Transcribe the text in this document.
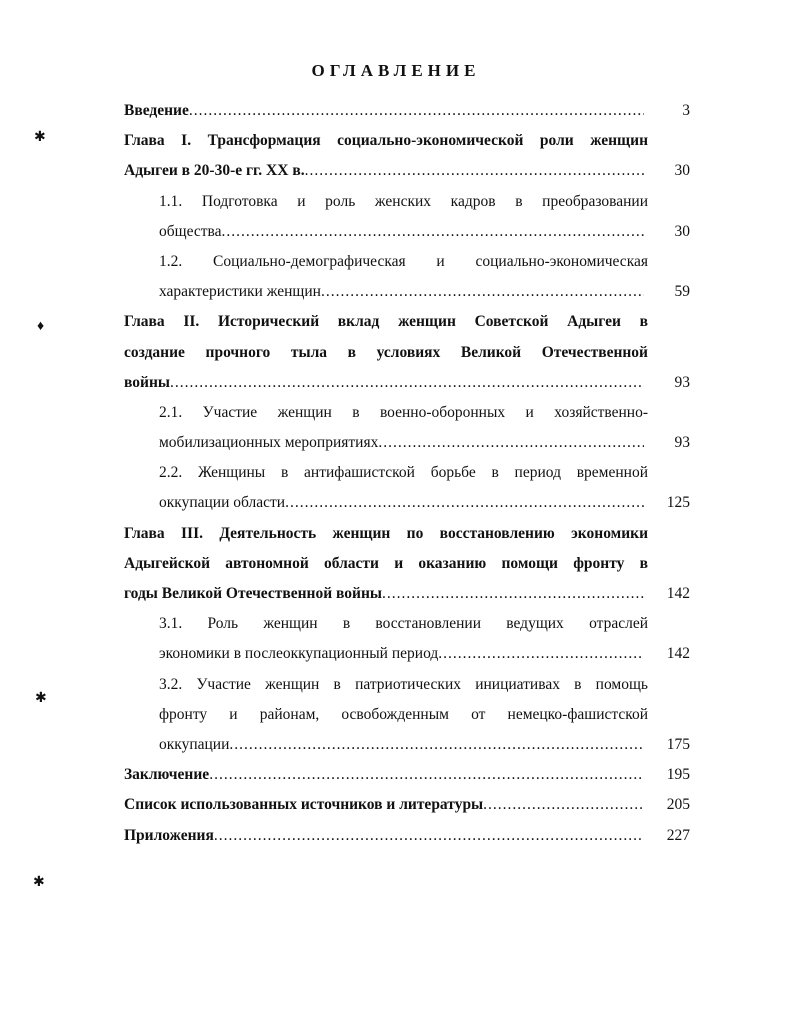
ОГЛАВЛЕНИЕ
Введение .....	3
Глава I. Трансформация социально-экономической роли женщин
Адыгеи в 20-30-е гг. XX в. .....	30
1.1. Подготовка и роль женских кадров в преобразовании
общества .....	30
1.2. Социально-демографическая и социально-экономическая
характеристики женщин .....	59
Глава II. Исторический вклад женщин Советской Адыгеи в
создание прочного тыла в условиях Великой Отечественной
войны .....	93
2.1. Участие женщин в военно-оборонных и хозяйственно-
мобилизационных мероприятиях .....	93
2.2. Женщины в антифашистской борьбе в период временной
оккупации области .....	125
Глава III. Деятельность женщин по восстановлению экономики
Адыгейской автономной области и оказанию помощи фронту в
годы Великой Отечественной войны .....	142
3.1. Роль женщин в восстановлении ведущих отраслей
экономики в послеоккупационный период .....	142
3.2. Участие женщин в патриотических инициативах в помощь
фронту и районам, освобожденным от немецко-фашистской
оккупации .....	175
Заключение .....	195
Список использованных источников и литературы .....	205
Приложения .....	227
✱
♦
✱
✱
